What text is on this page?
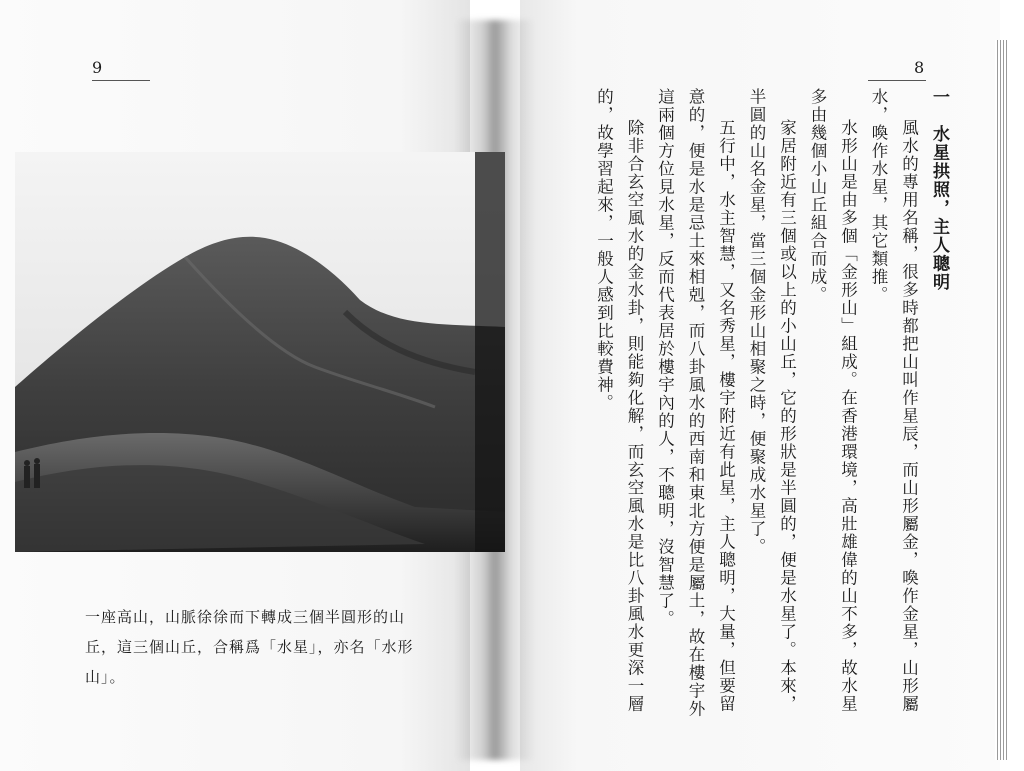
9
一座高山，山脈徐徐而下轉成三個半圓形的山
丘，這三個山丘，合稱爲「水星」，亦名「水形
山」。
8

一　水星拱照，主人聰明

風水的專用名稱，很多時都把山叫作星辰，而山形屬金，喚作金星，山形屬水，喚作水星，其它類推。

水形山是由多個「金形山」組成。在香港環境，高壯雄偉的山不多，故水星多由幾個小山丘組合而成。

家居附近有三個或以上的小山丘，它的形狀是半圓的，便是水星了。本來，半圓的山名金星，當三個金形山相聚之時，便聚成水星了。

五行中，水主智慧，又名秀星，樓宇附近有此星，主人聰明，大量，但要留意的，便是水是忌土來相剋，而八卦風水的西南和東北方便是屬土，故在樓宇外這兩個方位見水星，反而代表居於樓宇內的人，不聰明，沒智慧了。

除非合玄空風水的金水卦，則能夠化解，而玄空風水是比八卦風水更深一層的，故學習起來，一般人感到比較費神。
